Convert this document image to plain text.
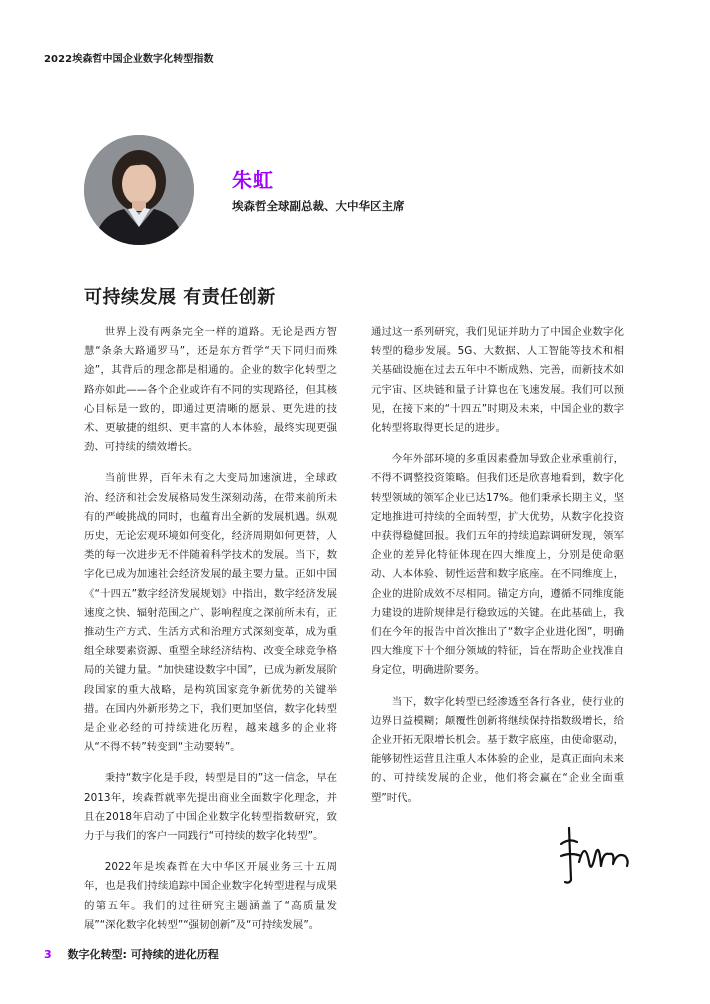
2022埃森哲中国企业数字化转型指数
朱虹
埃森哲全球副总裁、大中华区主席
可持续发展 有责任创新

世界上没有两条完全一样的道路。无论是西方智慧“条条大路通罗马”，还是东方哲学“天下同归而殊途”，其背后的理念都是相通的。企业的数字化转型之路亦如此——各个企业或许有不同的实现路径，但其核心目标是一致的，即通过更清晰的愿景、更先进的技术、更敏捷的组织、更丰富的人本体验，最终实现更强劲、可持续的绩效增长。

当前世界，百年未有之大变局加速演进，全球政治、经济和社会发展格局发生深刻动荡，在带来前所未有的严峻挑战的同时，也蕴育出全新的发展机遇。纵观历史，无论宏观环境如何变化，经济周期如何更替，人类的每一次进步无不伴随着科学技术的发展。当下，数字化已成为加速社会经济发展的最主要力量。正如中国《“十四五”数字经济发展规划》中指出，数字经济发展速度之快、辐射范围之广、影响程度之深前所未有，正推动生产方式、生活方式和治理方式深刻变革，成为重组全球要素资源、重塑全球经济结构、改变全球竞争格局的关键力量。“加快建设数字中国”，已成为新发展阶段国家的重大战略，是构筑国家竞争新优势的关键举措。在国内外新形势之下，我们更加坚信，数字化转型是企业必经的可持续进化历程，越来越多的企业将从“不得不转”转变到“主动要转”。

秉持“数字化是手段，转型是目的”这一信念，早在2013年，埃森哲就率先提出商业全面数字化理念，并且在2018年启动了中国企业数字化转型指数研究，致力于与我们的客户一同践行“可持续的数字化转型”。

2022年是埃森哲在大中华区开展业务三十五周年，也是我们持续追踪中国企业数字化转型进程与成果的第五年。我们的过往研究主题涵盖了“高质量发展”“深化数字化转型”“强韧创新”及“可持续发展”。

通过这一系列研究，我们见证并助力了中国企业数字化转型的稳步发展。5G、大数据、人工智能等技术和相关基础设施在过去五年中不断成熟、完善，而新技术如元宇宙、区块链和量子计算也在飞速发展。我们可以预见，在接下来的“十四五”时期及未来，中国企业的数字化转型将取得更长足的进步。

今年外部环境的多重因素叠加导致企业承重前行，不得不调整投资策略。但我们还是欣喜地看到，数字化转型领域的领军企业已达17%。他们秉承长期主义，坚定地推进可持续的全面转型，扩大优势，从数字化投资中获得稳健回报。我们五年的持续追踪调研发现，领军企业的差异化特征体现在四大维度上，分别是使命驱动、人本体验、韧性运营和数字底座。在不同维度上，企业的进阶成效不尽相同。锚定方向，遵循不同维度能力建设的进阶规律是行稳致远的关键。在此基础上，我们在今年的报告中首次推出了“数字企业进化图”，明确四大维度下十个细分领域的特征，旨在帮助企业找准自身定位，明确进阶要务。

当下，数字化转型已经渗透至各行各业，使行业的边界日益模糊；颠覆性创新将继续保持指数级增长，给企业开拓无限增长机会。基于数字底座，由使命驱动，能够韧性运营且注重人本体验的企业，是真正面向未来的、可持续发展的企业，他们将会赢在“企业全面重塑”时代。

3 数字化转型: 可持续的进化历程
